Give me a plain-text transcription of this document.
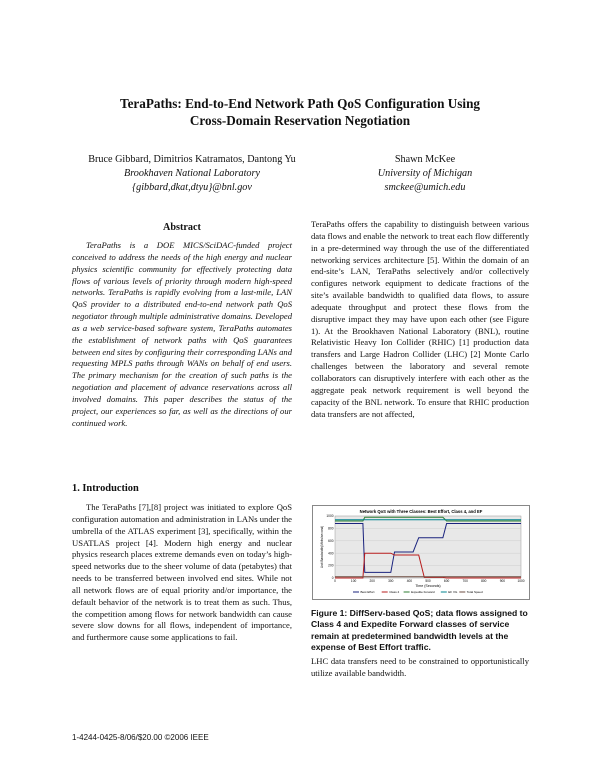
TeraPaths: End-to-End Network Path QoS Configuration Using
Cross-Domain Reservation Negotiation
Bruce Gibbard, Dimitrios Katramatos, Dantong Yu
Brookhaven National Laboratory
{gibbard,dkat,dtyu}@bnl.gov
Shawn McKee
University of Michigan
smckee@umich.edu
Abstract

TeraPaths is a DOE MICS/SciDAC-funded project conceived to address the needs of the high energy and nuclear physics scientific community for effectively protecting data flows of various levels of priority through modern high-speed networks. TeraPaths is rapidly evolving from a last-mile, LAN QoS provider to a distributed end-to-end network path QoS negotiator through multiple administrative domains. Developed as a web service-based software system, TeraPaths automates the establishment of network paths with QoS guarantees between end sites by configuring their corresponding LANs and requesting MPLS paths through WANs on behalf of end users. The primary mechanism for the creation of such paths is the negotiation and placement of advance reservations across all involved domains. This paper describes the status of the project, our experiences so far, as well as the directions of our continued work.

1. Introduction

The TeraPaths [7],[8] project was initiated to explore QoS configuration automation and administration in LANs under the umbrella of the ATLAS experiment [3], specifically, within the USATLAS project [4]. Modern high energy and nuclear physics research places extreme demands even on today’s high-speed networks due to the sheer volume of data (petabytes) that needs to be transferred between involved end sites. While not all network flows are of equal priority and/or importance, the default behavior of the network is to treat them as such. Thus, the competition among flows for network bandwidth can cause severe slow downs for all flows, independent of importance, and furthermore cause some applications to fail.

TeraPaths offers the capability to distinguish between various data flows and enable the network to treat each flow differently in a pre-determined way through the use of the differentiated networking services architecture [5]. Within the domain of an end-site’s LAN, TeraPaths selectively and/or collectively configures network equipment to dedicate fractions of the site’s available bandwidth to qualified data flows, to assure adequate throughput and protect these flows from the disruptive impact they may have upon each other (see Figure 1). At the Brookhaven National Laboratory (BNL), routine Relativistic Heavy Ion Collider (RHIC) [1] production data transfers and Large Hadron Collider (LHC) [2] Monte Carlo challenges between the laboratory and several remote collaborators can disruptively interfere with each other as the aggregate peak network requirement is well beyond the capacity of the BNL network. To ensure that RHIC production data transfers are not affected,

Network QoS with Three Classes: Best Effort, Class 4, and EF
Unit Bandwidth(Mbits/second)
Time (Seconds)
0
200
400
600
800
1000
0	100	200	300	400	500	600	700	800	900	1000
Best Effort	Class 4	Expedite Forward	EF VG	Total Speed
Figure 1: DiffServ-based QoS; data flows assigned to Class 4 and Expedite Forward classes of service remain at predetermined bandwidth levels at the expense of Best Effort traffic.

LHC data transfers need to be constrained to opportunistically utilize available bandwidth.

1-4244-0425-8/06/$20.00 ©2006 IEEE
